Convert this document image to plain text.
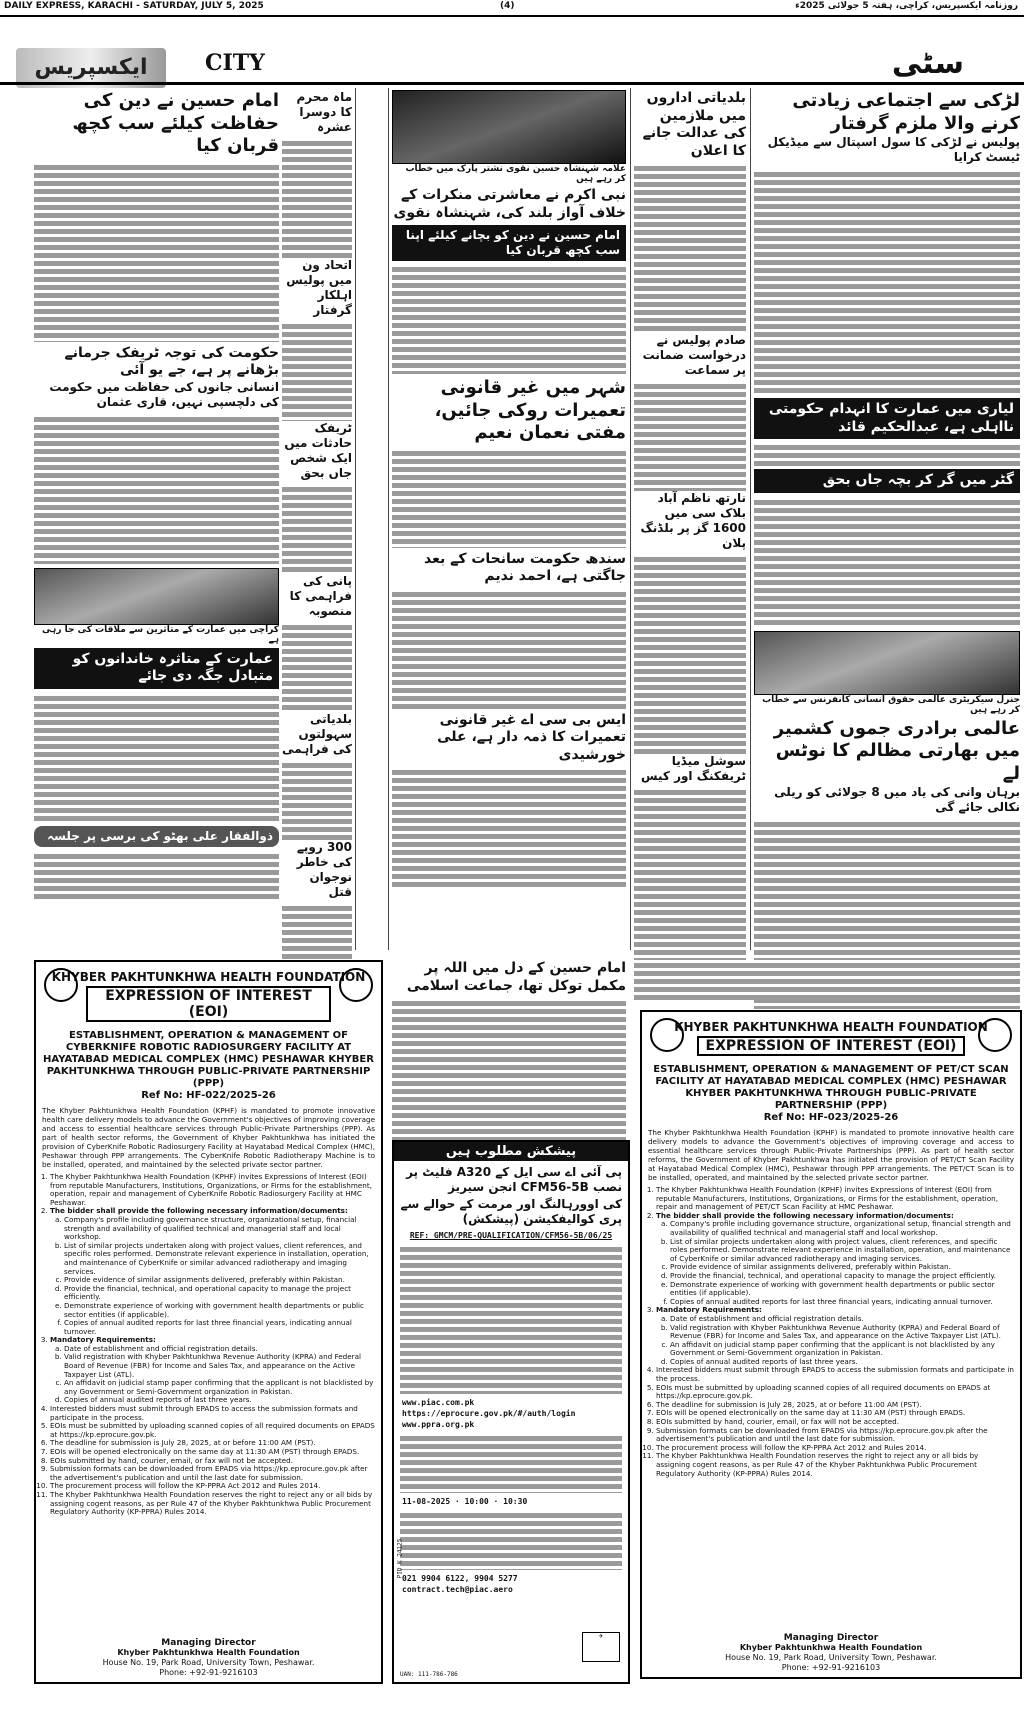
DAILY EXPRESS, KARACHI - SATURDAY, JULY 5, 2025	(4)	روزنامہ ایکسپریس، کراچی، ہفتہ 5 جولائی 2025ء
ایکسپریس	CITY	سٹی
لڑکی سے اجتماعی زیادتی کرنے والا ملزم گرفتار
پولیس نے لڑکی کا سول اسپتال سے میڈیکل ٹیسٹ کرایا
لیاری میں عمارت کا انہدام حکومتی نااہلی ہے، عبدالحکیم قائد
گٹر میں گر کر بچہ جاں بحق
جنرل سیکریٹری عالمی حقوق انسانی کانفرنس سے خطاب کر رہے ہیں
عالمی برادری جموں کشمیر میں بھارتی مظالم کا نوٹس لے
برہان وانی کی یاد میں 8 جولائی کو ریلی نکالی جائے گی
بلدیاتی اداروں میں ملازمین کی عدالت جانے کا اعلان
صادم پولیس نے درخواست ضمانت پر سماعت
نارتھ ناظم آباد بلاک سی میں 1600 گز پر بلڈنگ پلان
سوشل میڈیا ٹریفکنگ اور کیس
علامہ شہنشاہ حسین نقوی نشتر پارک میں خطاب کر رہے ہیں
نبی اکرم نے معاشرتی منکرات کے خلاف آواز بلند کی، شہنشاہ نقوی
امام حسین نے دین کو بچانے کیلئے اپنا سب کچھ قربان کیا
شہر میں غیر قانونی تعمیرات روکی جائیں، مفتی نعمان نعیم
سندھ حکومت سانحات کے بعد جاگتی ہے، احمد ندیم
ایس بی سی اے غیر قانونی تعمیرات کا ذمہ دار ہے، علی خورشیدی
ماہ محرم کا دوسرا عشرہ
اتحاد ون میں پولیس اہلکار گرفتار
ٹریفک حادثات میں ایک شخص جاں بحق
پانی کی فراہمی کا منصوبہ
بلدیاتی سہولتوں کی فراہمی
300 روپے کی خاطر نوجوان قتل
امام حسین نے دین کی حفاظت کیلئے سب کچھ قربان کیا
حکومت کی توجہ ٹریفک جرمانے بڑھانے پر ہے، جے یو آئی
انسانی جانوں کی حفاظت میں حکومت کی دلچسپی نہیں، قاری عثمان
کراچی میں عمارت کے متاثرین سے ملاقات کی جا رہی ہے
عمارت کے متاثرہ خاندانوں کو متبادل جگہ دی جائے
ذوالفقار علی بھٹو کی برسی پر جلسہ
KHYBER PAKHTUNKHWA HEALTH FOUNDATION
EXPRESSION OF INTEREST (EOI)
ESTABLISHMENT, OPERATION & MANAGEMENT OF CYBERKNIFE ROBOTIC RADIOSURGERY FACILITY AT HAYATABAD MEDICAL COMPLEX (HMC) PESHAWAR KHYBER PAKHTUNKHWA THROUGH PUBLIC-PRIVATE PARTNERSHIP (PPP)
Ref No: HF-022/2025-26
The Khyber Pakhtunkhwa Health Foundation (KPHF) is mandated to promote innovative health care delivery models to advance the Government's objectives of improving coverage and access to essential healthcare services through Public-Private Partnerships (PPP). As part of health sector reforms, the Government of Khyber Pakhtunkhwa has initiated the provision of CyberKnife Robotic Radiosurgery Facility at Hayatabad Medical Complex (HMC), Peshawar through PPP arrangements. The CyberKnife Robotic Radiotherapy Machine is to be installed, operated, and maintained by the selected private sector partner.
1. The Khyber Pakhtunkhwa Health Foundation (KPHF) invites Expressions of Interest (EOI) from reputable Manufacturers, Institutions, Organizations, or Firms for the establishment, operation, repair and management of CyberKnife Robotic Radiosurgery Facility at HMC Peshawar.
2. The bidder shall provide the following necessary information/documents:
a. Company's profile including governance structure, organizational setup, financial strength and availability of qualified technical and managerial staff and local workshop.
b. List of similar projects undertaken along with project values, client references, and specific roles performed. Demonstrate relevant experience in installation, operation, and maintenance of CyberKnife or similar advanced radiotherapy and imaging services.
c. Provide evidence of similar assignments delivered, preferably within Pakistan.
d. Provide the financial, technical, and operational capacity to manage the project efficiently.
e. Demonstrate experience of working with government health departments or public sector entities (if applicable).
f. Copies of annual audited reports for last three financial years, indicating annual turnover.
3. Mandatory Requirements:
a. Date of establishment and official registration details.
b. Valid registration with Khyber Pakhtunkhwa Revenue Authority (KPRA) and Federal Board of Revenue (FBR) for Income and Sales Tax, and appearance on the Active Taxpayer List (ATL).
c. An affidavit on judicial stamp paper confirming that the applicant is not blacklisted by any Government or Semi-Government organization in Pakistan.
d. Copies of annual audited reports of last three years.
4. Interested bidders must submit through EPADS to access the submission formats and participate in the process.
5. EOIs must be submitted by uploading scanned copies of all required documents on EPADS at https://kp.eprocure.gov.pk.
6. The deadline for submission is July 28, 2025, at or before 11:00 AM (PST).
7. EOIs will be opened electronically on the same day at 11:30 AM (PST) through EPADS.
8. EOIs submitted by hand, courier, email, or fax will not be accepted.
9. Submission formats can be downloaded from EPADS via https://kp.eprocure.gov.pk after the advertisement's publication and until the last date for submission.
10. The procurement process will follow the KP-PPRA Act 2012 and Rules 2014.
11. The Khyber Pakhtunkhwa Health Foundation reserves the right to reject any or all bids by assigning cogent reasons, as per Rule 47 of the Khyber Pakhtunkhwa Public Procurement Regulatory Authority (KP-PPRA) Rules 2014.
Managing Director
Khyber Pakhtunkhwa Health Foundation
House No. 19, Park Road, University Town, Peshawar.
Phone: +92-91-9216103
امام حسین کے دل میں اللہ پر مکمل توکل تھا، جماعت اسلامی
پیشکش مطلوب ہیں
پی آئی اے سی ایل کے A320 فلیٹ پر نصب CFM56-5B انجن سیریز
کی اوورہالنگ اور مرمت کے حوالے سے پری کوالیفکیشن (پیشکش)
REF: GMCM/PRE-QUALIFICATION/CFM56-5B/06/25
www.piac.com.pk
https://eprocure.gov.pk/#/auth/login
www.ppra.org.pk
11-08-2025 · 10:00 · 10:30
021 9904 6122, 9904 5277
contract.tech@piac.aero
✈
UAN: 111-786-786
PID K 24125
KHYBER PAKHTUNKHWA HEALTH FOUNDATION
EXPRESSION OF INTEREST (EOI)
ESTABLISHMENT, OPERATION & MANAGEMENT OF PET/CT SCAN FACILITY AT HAYATABAD MEDICAL COMPLEX (HMC) PESHAWAR KHYBER PAKHTUNKHWA THROUGH PUBLIC-PRIVATE PARTNERSHIP (PPP)
Ref No: HF-023/2025-26
The Khyber Pakhtunkhwa Health Foundation (KPHF) is mandated to promote innovative health care delivery models to advance the Government's objectives of improving coverage and access to essential healthcare services through Public-Private Partnerships (PPP). As part of health sector reforms, the Government of Khyber Pakhtunkhwa has initiated the provision of PET/CT Scan Facility at Hayatabad Medical Complex (HMC), Peshawar through PPP arrangements. The PET/CT Scan is to be installed, operated, and maintained by the selected private sector partner.
1. The Khyber Pakhtunkhwa Health Foundation (KPHF) invites Expressions of Interest (EOI) from reputable Manufacturers, Institutions, Organizations, or Firms for the establishment, operation, repair and management of PET/CT Scan Facility at HMC Peshawar.
2. The bidder shall provide the following necessary information/documents:
a. Company's profile including governance structure, organizational setup, financial strength and availability of qualified technical and managerial staff and local workshop.
b. List of similar projects undertaken along with project values, client references, and specific roles performed. Demonstrate relevant experience in installation, operation, and maintenance of CyberKnife or similar advanced radiotherapy and imaging services.
c. Provide evidence of similar assignments delivered, preferably within Pakistan.
d. Provide the financial, technical, and operational capacity to manage the project efficiently.
e. Demonstrate experience of working with government health departments or public sector entities (if applicable).
f. Copies of annual audited reports for last three financial years, indicating annual turnover.
3. Mandatory Requirements:
a. Date of establishment and official registration details.
b. Valid registration with Khyber Pakhtunkhwa Revenue Authority (KPRA) and Federal Board of Revenue (FBR) for Income and Sales Tax, and appearance on the Active Taxpayer List (ATL).
c. An affidavit on judicial stamp paper confirming that the applicant is not blacklisted by any Government or Semi-Government organization in Pakistan.
d. Copies of annual audited reports of last three years.
4. Interested bidders must submit through EPADS to access the submission formats and participate in the process.
5. EOIs must be submitted by uploading scanned copies of all required documents on EPADS at https://kp.eprocure.gov.pk.
6. The deadline for submission is July 28, 2025, at or before 11:00 AM (PST).
7. EOIs will be opened electronically on the same day at 11:30 AM (PST) through EPADS.
8. EOIs submitted by hand, courier, email, or fax will not be accepted.
9. Submission formats can be downloaded from EPADS via https://kp.eprocure.gov.pk after the advertisement's publication and until the last date for submission.
10. The procurement process will follow the KP-PPRA Act 2012 and Rules 2014.
11. The Khyber Pakhtunkhwa Health Foundation reserves the right to reject any or all bids by assigning cogent reasons, as per Rule 47 of the Khyber Pakhtunkhwa Public Procurement Regulatory Authority (KP-PPRA) Rules 2014.
Managing Director
Khyber Pakhtunkhwa Health Foundation
House No. 19, Park Road, University Town, Peshawar.
Phone: +92-91-9216103
